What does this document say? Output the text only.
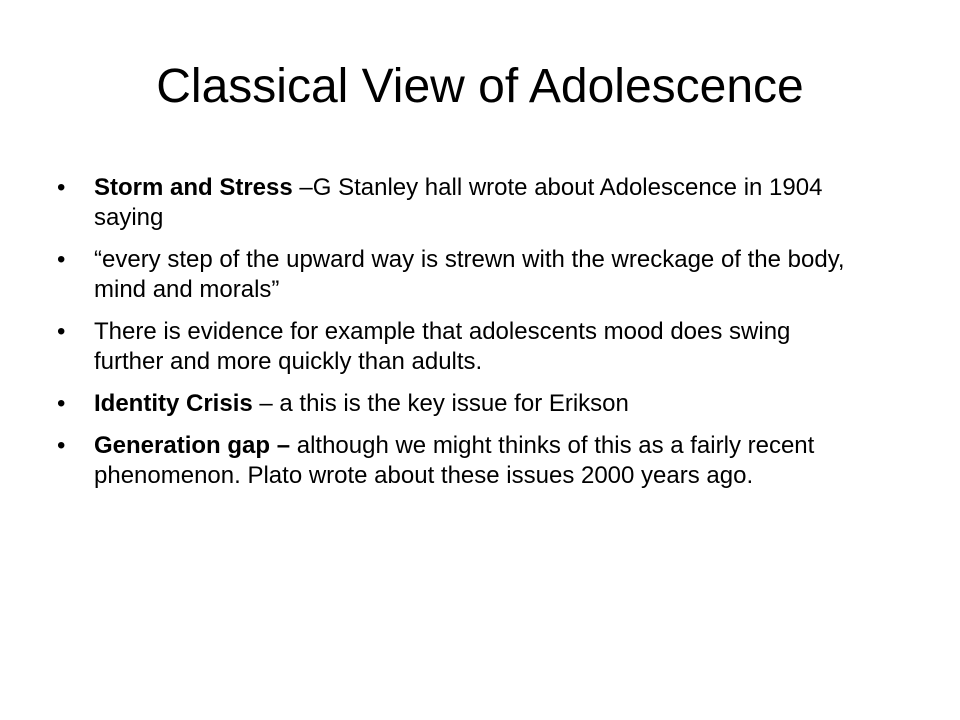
Classical View of Adolescence
•	Storm and Stress –G Stanley hall wrote about Adolescence in 1904 saying
•	“every step of the upward way is strewn with the wreckage of the body, mind and morals”
•	There is evidence for example that adolescents mood does swing further and more quickly than adults.
•	Identity Crisis – a this is the key issue for Erikson
•	Generation gap – although we might thinks of this as a fairly recent phenomenon. Plato wrote about these issues 2000 years ago.
